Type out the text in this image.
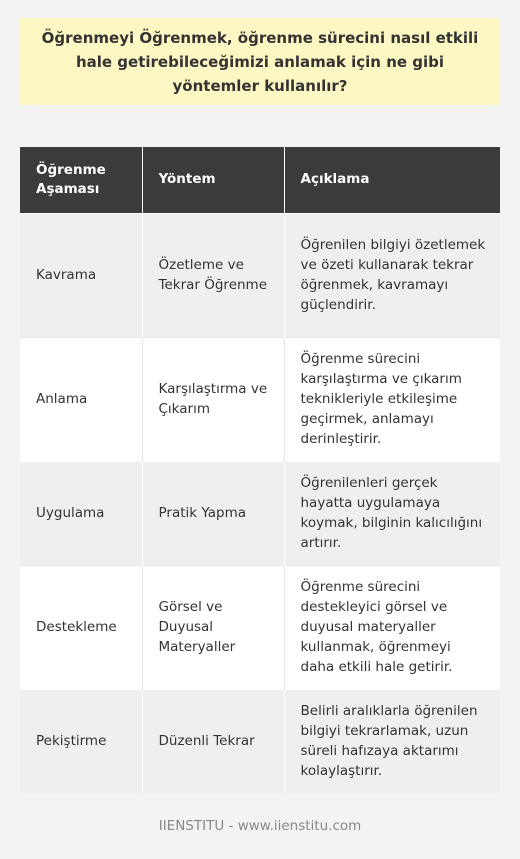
Öğrenmeyi Öğrenmek, öğrenme sürecini nasıl etkili hale getirebileceğimizi anlamak için ne gibi yöntemler kullanılır?
Öğrenme Aşaması	Yöntem	Açıklama
Kavrama	Özetleme ve Tekrar Öğrenme	Öğrenilen bilgiyi özetlemek ve özeti kullanarak tekrar öğrenmek, kavramayı güçlendirir.
Anlama	Karşılaştırma ve Çıkarım	Öğrenme sürecini karşılaştırma ve çıkarım teknikleriyle etkileşime geçirmek, anlamayı derinleştirir.
Uygulama	Pratik Yapma	Öğrenilenleri gerçek hayatta uygulamaya koymak, bilginin kalıcılığını artırır.
Destekleme	Görsel ve Duyusal Materyaller	Öğrenme sürecini destekleyici görsel ve duyusal materyaller kullanmak, öğrenmeyi daha etkili hale getirir.
Pekiştirme	Düzenli Tekrar	Belirli aralıklarla öğrenilen bilgiyi tekrarlamak, uzun süreli hafızaya aktarımı kolaylaştırır.
IIENSTITU - www.iienstitu.com
